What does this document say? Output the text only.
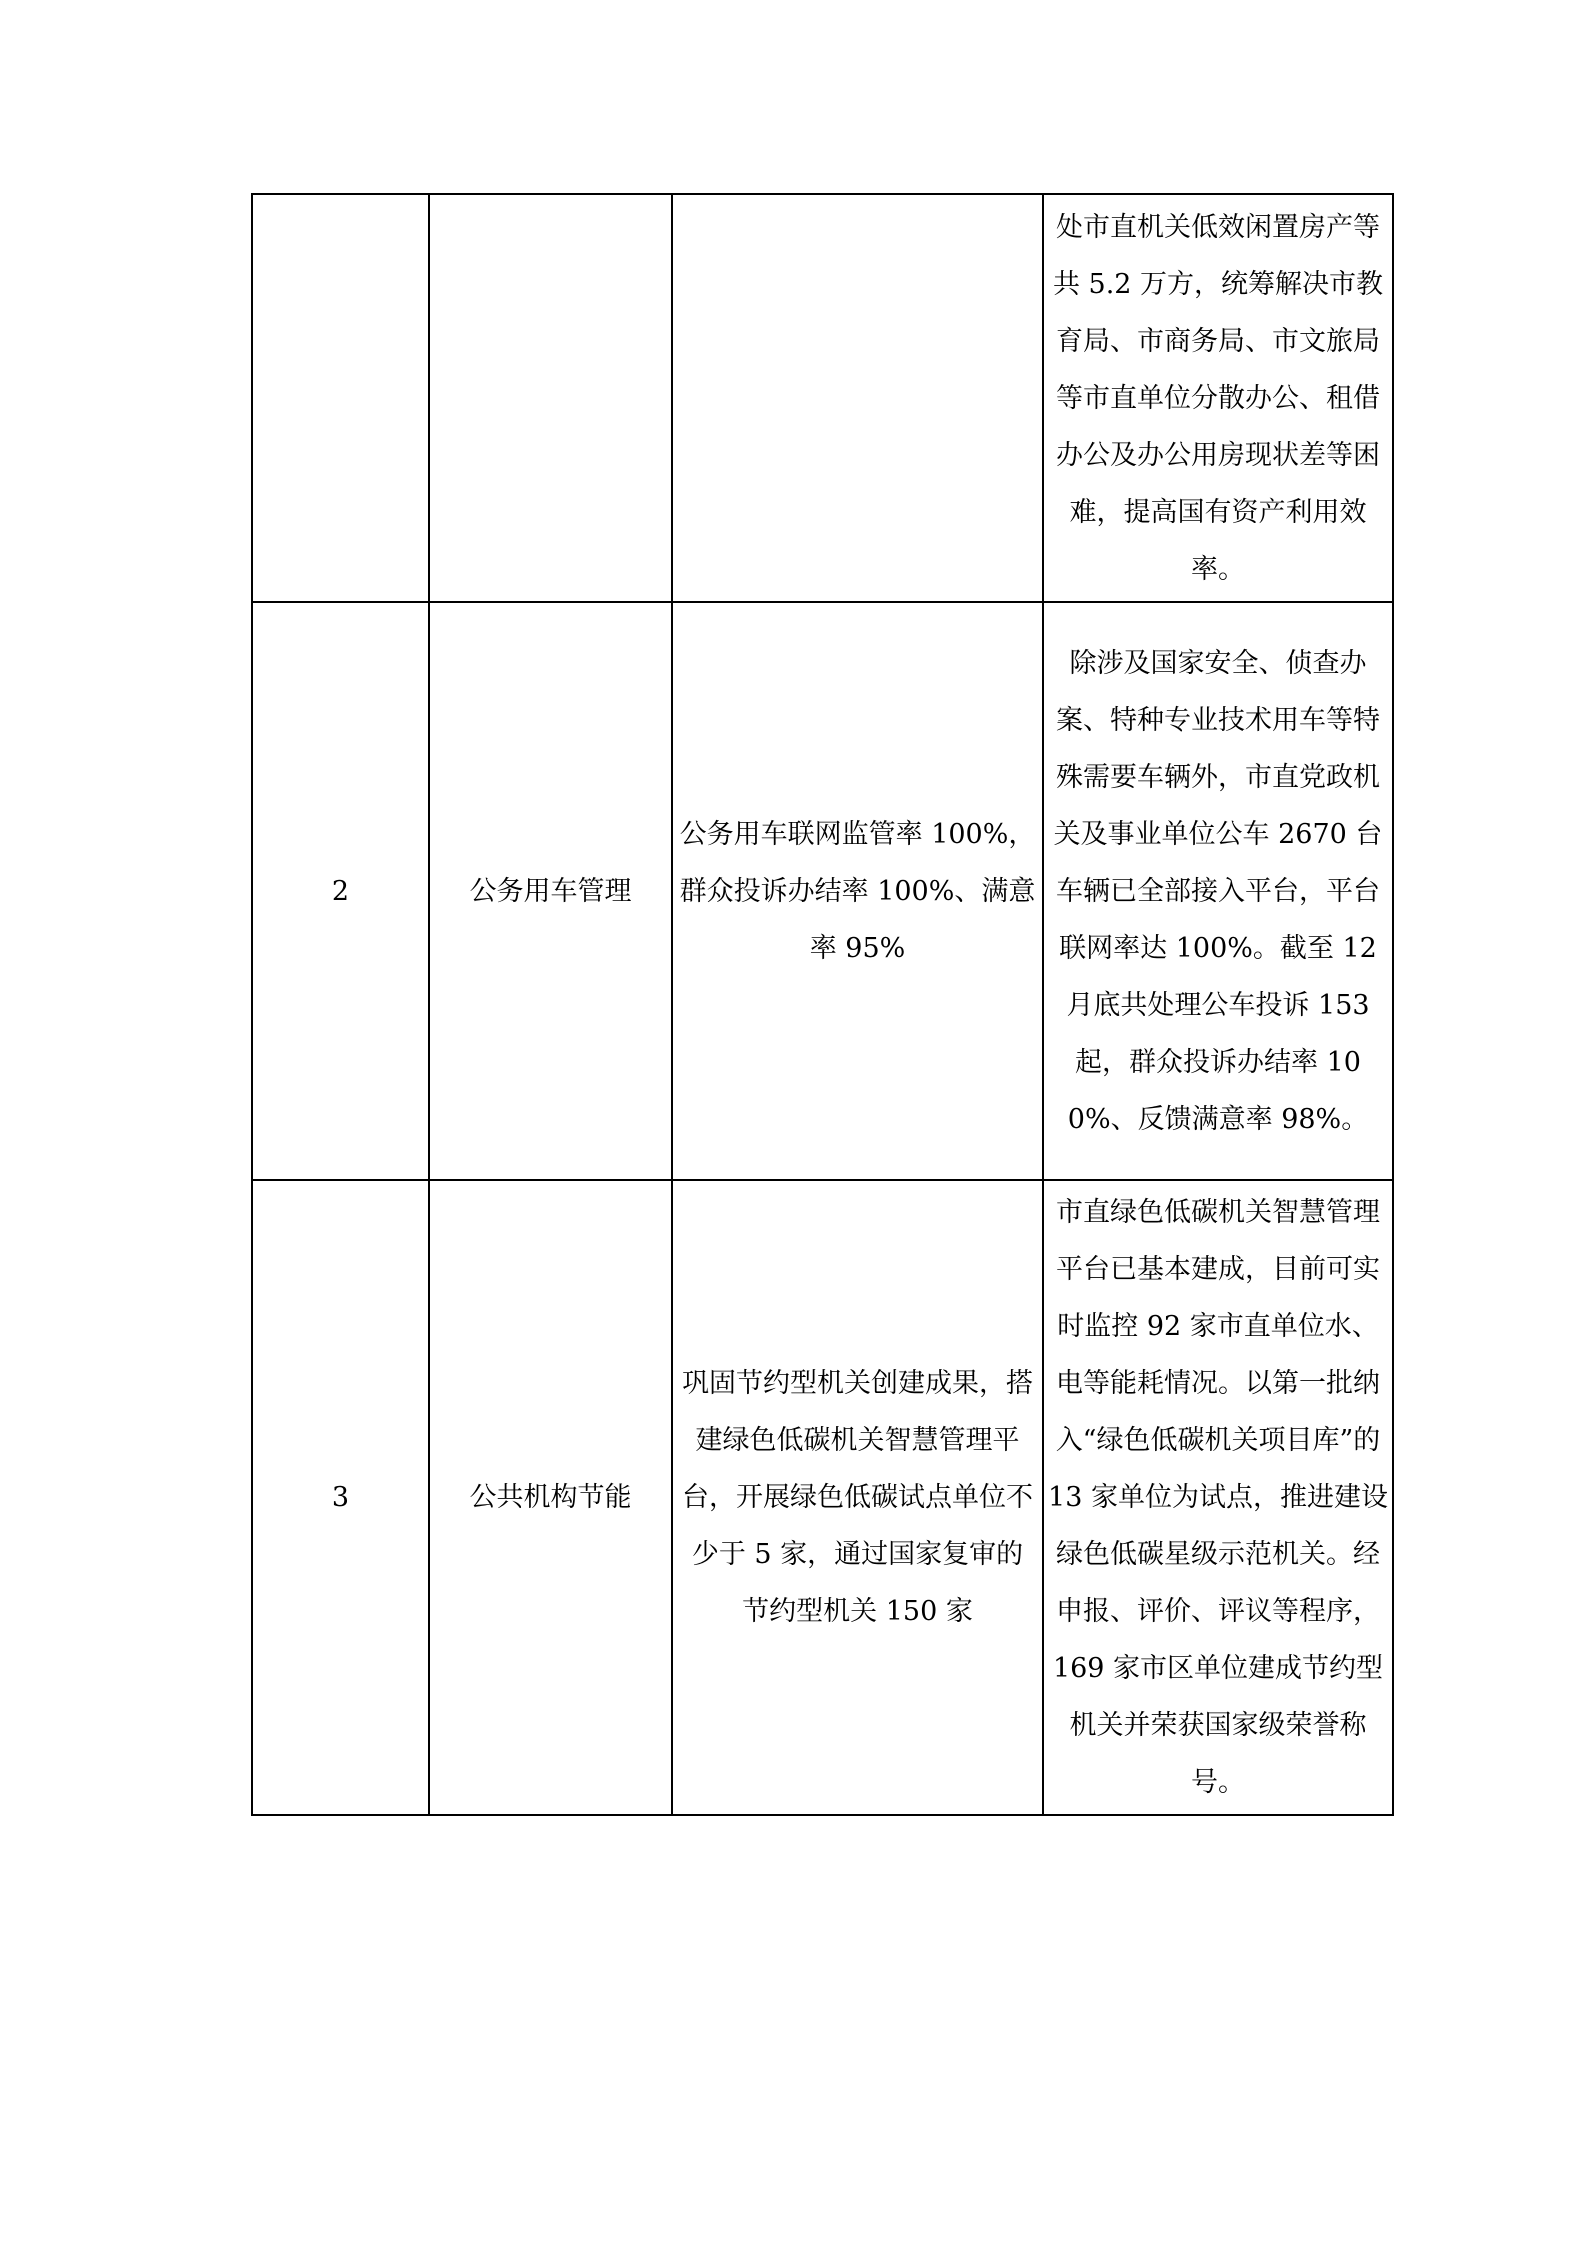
			处市直机关低效闲置房产等共 5.2 万方，统筹解决市教育局、市商务局、市文旅局等市直单位分散办公、租借办公及办公用房现状差等困难，提高国有资产利用效率。

2	公务用车管理	公务用车联网监管率 100%，群众投诉办结率 100%、满意率 95%	除涉及国家安全、侦查办案、特种专业技术用车等特殊需要车辆外，市直党政机关及事业单位公车 2670 台车辆已全部接入平台，平台联网率达 100%。截至 12 月底共处理公车投诉 153 起，群众投诉办结率 100%、反馈满意率 98%。

3	公共机构节能	巩固节约型机关创建成果，搭建绿色低碳机关智慧管理平台，开展绿色低碳试点单位不少于 5 家，通过国家复审的节约型机关 150 家	市直绿色低碳机关智慧管理平台已基本建成，目前可实时监控 92 家市直单位水、电等能耗情况。以第一批纳入“绿色低碳机关项目库”的 13 家单位为试点，推进建设绿色低碳星级示范机关。经申报、评价、评议等程序，169 家市区单位建成节约型机关并荣获国家级荣誉称号。
